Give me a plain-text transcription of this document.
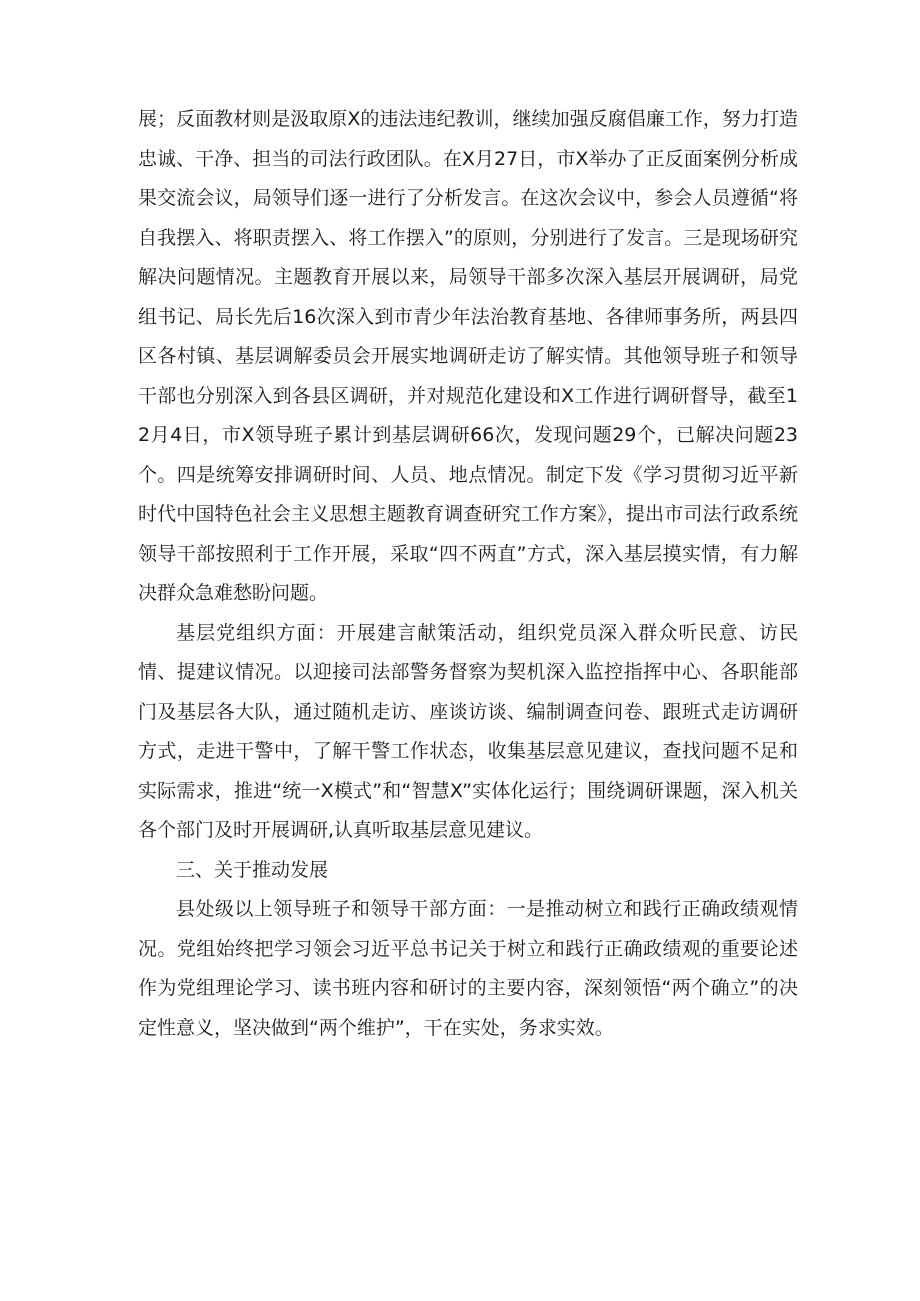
展；反面教材则是汲取原X的违法违纪教训，继续加强反腐倡廉工作，努力打造忠诚、干净、担当的司法行政团队。在X月27日，市X举办了正反面案例分析成果交流会议，局领导们逐一进行了分析发言。在这次会议中，参会人员遵循“将自我摆入、将职责摆入、将工作摆入”的原则，分别进行了发言。三是现场研究解决问题情况。主题教育开展以来，局领导干部多次深入基层开展调研，局党组书记、局长先后16次深入到市青少年法治教育基地、各律师事务所，两县四区各村镇、基层调解委员会开展实地调研走访了解实情。其他领导班子和领导干部也分别深入到各县区调研，并对规范化建设和X工作进行调研督导，截至12月4日，市X领导班子累计到基层调研66次，发现问题29个，已解决问题23个。四是统筹安排调研时间、人员、地点情况。制定下发《学习贯彻习近平新时代中国特色社会主义思想主题教育调查研究工作方案》，提出市司法行政系统领导干部按照利于工作开展，采取“四不两直”方式，深入基层摸实情，有力解决群众急难愁盼问题。

基层党组织方面：开展建言献策活动，组织党员深入群众听民意、访民情、提建议情况。以迎接司法部警务督察为契机深入监控指挥中心、各职能部门及基层各大队，通过随机走访、座谈访谈、编制调查问卷、跟班式走访调研方式，走进干警中，了解干警工作状态，收集基层意见建议，查找问题不足和实际需求，推进“统一X模式”和“智慧X”实体化运行；围绕调研课题，深入机关各个部门及时开展调研,认真听取基层意见建议。

三、关于推动发展

县处级以上领导班子和领导干部方面：一是推动树立和践行正确政绩观情况。党组始终把学习领会习近平总书记关于树立和践行正确政绩观的重要论述作为党组理论学习、读书班内容和研讨的主要内容，深刻领悟“两个确立”的决定性意义，坚决做到“两个维护”，干在实处，务求实效。
